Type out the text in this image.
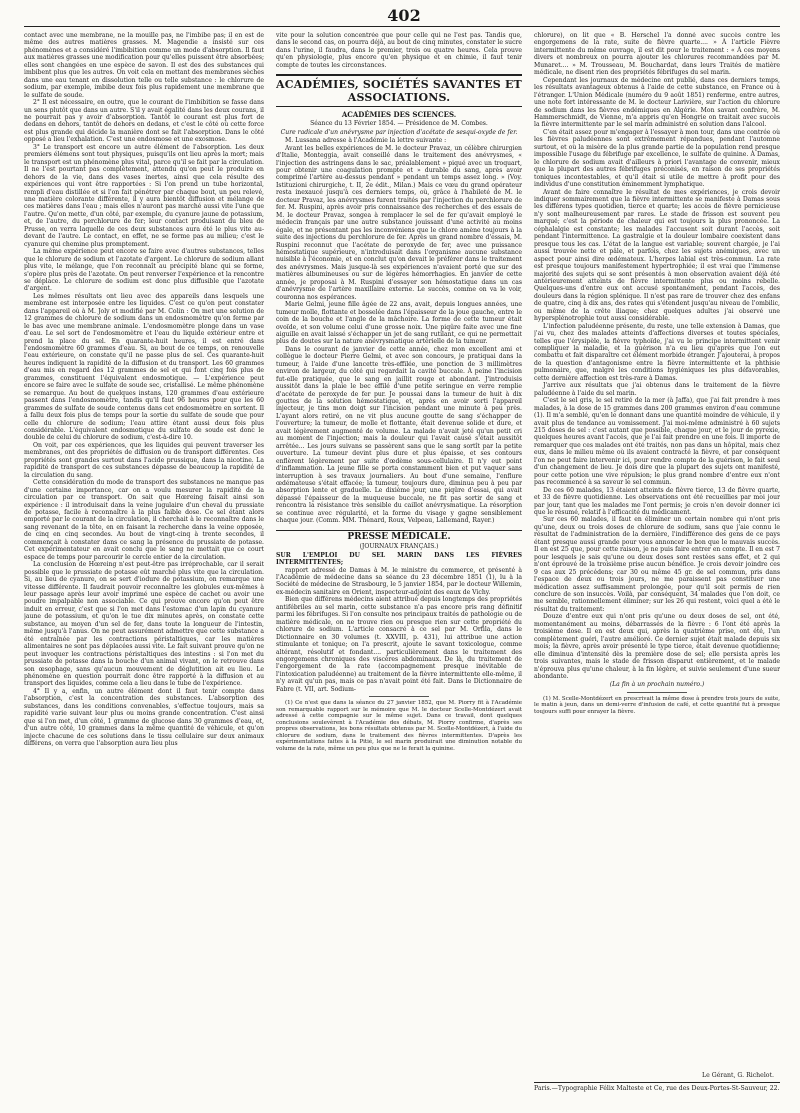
402

contact avec une membrane, ne la mouille pas, ne l'imbibe pas; il en est de même des autres matières grasses. M. Magendie a insisté sur ces phénomènes et a considéré l'imbibition comme un mode d'absorption. Il faut aux matières grasses une modification pour qu'elles puissent être absorbées; elles sont changées en une espèce de savon. Il est des des substances qui imbibent plus que les autres. On voit cela en mettant des membranes sèches dans une eau tenant en dissolution telle ou telle substance : le chlorure de sodium, par exemple, imbibe deux fois plus rapidement une membrane que le sulfate de soude.

2° Il est nécessaire, en outre, que le courant de l'imbibition se fasse dans un sens plutôt que dans un autre. S'il y avait égalité dans les deux courans, il ne pourrait pas y avoir d'absorption. Tantôt le courant est plus fort de dedans en dehors, tantôt de dehors en dedans, et c'est le côté où cette force est plus grande qui décide la manière dont se fait l'absorption. Dans le côté opposé a lieu l'exhalation. C'est une endosmose et une exosmose.

3° Le transport est encore un autre élément de l'absorption. Les deux premiers élémens sont tout physiques, puisqu'ils ont lieu après la mort; mais le transport est un phénomène plus vital, parce qu'il se fait par la circulation. Il ne l'est pourtant pas complètement, attendu qu'on peut le produire en dehors de la vie, dans des vases inertes, ainsi que cela résulte des expériences qui vont être rapportées : Si l'on prend un tube horizontal, rempli d'eau distillée et si l'on fait pénétrer par chaque bout, un peu relevé, une matière colorante différente, il y aura bientôt diffusion et mélange de ces matières dans l'eau ; mais elles n'auront pas marché aussi vite l'une que l'autre. Qu'on mette, d'un côté, par exemple, du cyanure jaune de potassium, et, de l'autre, du perchlorure de fer; leur contact produisant du bleu de Prusse, on verra laquelle de ces deux substances aura été le plus vite au-devant de l'autre. Le contact, en effet, ne se forme pas au milieu; c'est le cyanure qui chemine plus promptement.

La même expérience peut encore se faire avec d'autres substances, telles que le chlorure de sodium et l'azotate d'argent. Le chlorure de sodium allant plus vite, le mélange, que l'on reconnaît au précipité blanc qui se forme, s'opère plus près de l'azotate. On peut renverser l'expérience et la rencontre se déplace. Le chlorure de sodium est donc plus diffusible que l'azotate d'argent.

Les mêmes résultats ont lieu avec des appareils dans lesquels une membrane est interposée entre les liquides. C'est ce qu'on peut constater dans l'appareil où à M. Joly et modifié par M. Colin : On met une solution de 12 grammes de chlorure de sodium dans un endosmomètre qu'on ferme par le bas avec une membrane animale. L'endosmomètre plonge dans un vase d'eau. Le sel sort de l'endosmomètre et l'eau du liquide extérieur entre et prend la place du sel. En quarante-huit heures, il est entré dans l'endosmomètre 60 grammes d'eau. Si, au bout de ce temps, on renouvelle l'eau extérieure, on constate qu'il ne passe plus de sel. Ces quarante-huit heures indiquent la rapidité de la diffusion et du transport. Les 60 grammes d'eau mis en regard des 12 grammes de sel et qui font cinq fois plus de grammes, constituent l'équivalent endosmotique. — L'expérience peut encore se faire avec le sulfate de soude sec, cristallisé. Le même phénomène se remarque. Au bout de quelques instans, 120 grammes d'eau extérieure passent dans l'endosmomètre, tandis qu'il faut 96 heures pour que les 60 grammes de sulfate de soude contenus dans cet endosmomètre en sortent. Il a fallu deux fois plus de temps pour la sortie du sulfate de soude que pour celle du chlorure de sodium; l'eau attire étant aussi deux fois plus considérable. L'équivalent endosmotique du sulfate de soude est donc le double de celui du chlorure de sodium, c'est-à-dire 10.

On voit, par ces expériences, que les liquides qui peuvent traverser les membranes, ont des propriétés de diffusion ou de transport différentes. Ces propriétés sont grandes surtout dans l'acide prussique, dans la nicotine. La rapidité de transport de ces substances dépasse de beaucoup la rapidité de la circulation du sang.

Cette considération du mode de transport des substances ne manque pas d'une certaine importance, car on a voulu mesurer la rapidité de la circulation par ce transport. On sait que Hœreing faisait ainsi son expérience : il introduisait dans la veine jugulaire d'un cheval du prussiate de potasse, facile à reconnaître à la plus faible dose. Ce sel étant alors emporté par le courant de la circulation, il cherchait à le reconnaître dans le sang revenant de la tête, en en faisant la recherche dans la veine opposée, de cinq en cinq secondes. Au bout de vingt-cinq à trente secondes, il commençait à constater dans ce sang la présence du prussiate de potasse. Cet expérimentateur en avait conclu que le sang ne mettait que ce court espace de temps pour parcourir le cercle entier de la circulation.

La conclusion de Hœreing n'est peut-être pas irréprochable, car il serait possible que le prussiate de potasse eût marché plus vite que la circulation. Si, au lieu de cyanure, on se sert d'iodure de potassium, on remarque une vitesse différente. Il faudrait pouvoir reconnaître les globules eux-mêmes à leur passage après leur avoir imprimé une espèce de cachet ou avoir une poudre impalpable non associable. Ce qui prouve encore qu'on peut être induit en erreur, c'est que si l'on met dans l'estomac d'un lapin du cyanure jaune de potassium, et qu'on le tue dix minutes après, on constate cette substance, au moyen d'un sel de fer, dans toute la longueur de l'intestin, même jusqu'à l'anus. On ne peut assurément admettre que cette substance a été entraînée par les contractions péristaltiques, car les matières alimentaires ne sont pas déplacées aussi vite. Le fait suivant prouve qu'on ne peut invoquer les contractions péristaltiques des intestins : si l'on met du prussiate de potasse dans la bouche d'un animal vivant, on le retrouve dans son œsophage, sans qu'aucun mouvement de déglutition ait eu lieu. Le phénomène en question pourrait donc être rapporté à la diffusion et au transport des liquides, comme cela a lieu dans le tube de l'expérience.

4° Il y a, enfin, un autre élément dont il faut tenir compte dans l'absorption, c'est la concentration des substances. L'absorption des substances, dans les conditions convenables, s'effectue toujours, mais sa rapidité varie suivant leur plus ou moins grande concentration. C'est ainsi que si l'on met, d'un côté, 1 gramme de glucose dans 30 grammes d'eau, et, d'un autre côté, 10 grammes dans la même quantité de véhicule, et qu'on injecte chacune de ces solutions dans le tissu cellulaire sur deux animaux différens, on verra que l'absorption aura lieu plus

vite pour la solution concentrée que pour celle qui ne l'est pas. Tandis que, dans le second cas, on pourra déjà, au bout de cinq minutes, constater le sucre dans l'urine, il faudra, dans le premier, trois ou quatre heures. Cela prouve qu'en physiologie, plus encore qu'en physique et en chimie, il faut tenir compte de toutes les circonstances.

ACADÉMIES, SOCIÉTÉS SAVANTES ET ASSOCIATIONS.
ACADÉMIES DES SCIENCES.

Séance du 13 Février 1854. — Présidence de M. Combes.

Cure radicale d'un anévrysme par injection d'acétate de sesqui-oxyde de fer.

M. Lussana adresse à l'Académie la lettre suivante :

Avant les belles expériences de M. le docteur Pravaz, un célèbre chirurgien d'Italie, Monteggia, avait conseillé dans le traitement des anévrysmes, « l'injection des astringens dans le sac, préalablement » piqué avec un troquart, pour obtenir une coagulation prompte et » durable du sang, après avoir comprimé l'artère au-dessus pendant » pendant un temps assez long. » (Voy. Istituzioni chirurgiche, t. II, 2e édit., Milan.) Mais ce vœu du grand opérateur resta inexaucé jusqu'à ces derniers temps, où, grâce à l'habileté de M. le docteur Pravaz, les anévrysmes furent traités par l'injection du perchlorure de fer. M. Ruspini, après avoir pris connaissance des recherches et des essais de M. le docteur Pravaz, songea à remplacer le sel de fer qu'avait employé le médecin français par une autre substance jouissant d'une activité au moins égale, et ne présentant pas les inconvéniens que le chlore amène toujours à la suite des injections du perchlorure de fer. Après un grand nombre d'essais, M. Ruspini reconnut que l'acétate de peroxyde de fer, avec une puissance hémostatique supérieure, n'introduisait dans l'organisme aucune substance nuisible à l'économie, et en conclut qu'on devait le préférer dans le traitement des anévrysmes. Mais jusque-là ses expériences n'avaient porté que sur des matières albumineuses ou sur de légères hémorrhagies. En janvier de cette année, je proposai à M. Ruspini d'essayer son hémostatique dans un cas d'anévrysme de l'artère maxillaire externe. Le succès, comme on va le voir, couronna nos espérances.

Marie Gelmi, jeune fille âgée de 22 ans, avait, depuis longues années, une tumeur molle, flottante et bosselée dans l'épaisseur de la joue gauche, entre le coin de la bouche et l'angle de la mâchoire. La forme de cette tumeur était ovoïde, et son volume celui d'une grosse noix. Une piqûre faite avec une fine aiguille en avait laissé s'échapper un jet de sang rutilant, ce qui ne permettait plus de doutes sur la nature anévrysmatique artérielle de la tumeur.

Dans le courant de janvier de cette année, chez mon excellent ami et collègue le docteur Pierre Gelmi, et avec son concours, je pratiquai dans la tumeur, à l'aide d'une lancette très-effilée, une ponction de 3 millimètres environ de largeur, du côté qui regardait la cavité buccale. À peine l'incision fut-elle pratiquée, que le sang en jaillit rouge et abondant. J'introduisis aussitôt dans la plaie le bec effilé d'une petite seringue en verre remplie d'acétate de peroxyde de fer pur. Je poussai dans la tumeur de huit à dix gouttes de la solution hémostatique, et, après en avoir sorti l'appareil injecteur, je tins mon doigt sur l'incision pendant une minute à peu près. L'ayant alors retiré, on ne vit plus aucune goutte de sang s'échapper de l'ouverture; la tumeur, de molle et flottante, était devenue solide et dure, et avait légèrement augmenté de volume. La malade n'avait jeté qu'un petit cri au moment de l'injection; mais la douleur qui l'avait causé s'était aussitôt arrêtée... Les jours suivans se passèrent sans que le sang sortît par la petite ouverture. La tumeur devint plus dure et plus épaisse, et ses contours enflèrent légèrement par suite d'œdème sous-cellulaire. Il n'y eut point d'inflammation. La jeune fille se porta constamment bien et put vaquer sans interruption à ses travaux journaliers. Au bout d'une semaine, l'enflure œdémateuse s'était effacée; la tumeur, toujours dure, diminua peu à peu par absorption lente et graduelle. Le dixième jour, une piqûre d'essai, qui avait dépassé l'épaisseur de la muqueuse buccale, ne fit pas sortir de sang et rencontra la résistance très sensible du caillot anévrysmatique. La résorption se continue avec régularité, et la forme du visage y gagne sensiblement chaque jour. (Comm. MM. Thénard, Roux, Velpeau, Lallemand, Rayer.)

PRESSE MÉDICALE.

(JOURNAUX FRANÇAIS.)

SUR L'EMPLOI DU SEL MARIN DANS LES FIÈVRES INTERMITTENTES;

rapport adressé de Damas à M. le ministre du commerce, et présenté à l'Académie de médecine dans sa séance du 23 décembre 1851 (1), lu à la Société de médecine de Strasbourg, le 5 janvier 1854, par le docteur Willemin, ex-médecin sanitaire en Orient, inspecteur-adjoint des eaux de Vichy.

Bien que différens médecins aient attribué depuis longtemps des propriétés antifébriles au sel marin, cette substance n'a pas encore pris rang définitif parmi les fébrifuges. Si l'on consulte nos principaux traités de pathologie ou de matière médicale, on ne trouve rien ou presque rien sur cette propriété du chlorure de sodium. L'article consacré à ce sel par M. Orfila, dans le Dictionnaire en 30 volumes (t. XXVIII, p. 431), lui attribue une action stimulante et tonique; on l'a prescrit, ajoute le savant toxicologue, comme altérant, résolutif et fondant.... particulièrement dans le traitement des engorgemens chroniques des viscères abdominaux. De là, du traitement de l'engorgement de la rate (accompagnement presque inévitable de l'intoxication paludéenne) au traitement de la fièvre intermittente elle-même, il n'y avait qu'un pas, mais ce pas n'avait point été fait. Dans le Dictionnaire de Fabre (t. VII, art. Sodium-

(1) Ce n'est que dans la séance du 27 janvier 1852, que M. Piorry fit à l'Académie son remarquable rapport sur le mémoire que M. le docteur Scelle-Montdézert avait adressé à cette compagnie sur le même sujet. Dans ce travail, dont quelques conclusions soulevèrent à l'Académie des débats, M. Piorry confirme, d'après ses propres observations, les bons résultats obtenus par M. Scelle-Montdézert, à l'aide du chlorure de sodium, dans le traitement des fièvres intermittentes. D'après les expérimentations faites à la Pitié, le sel marin produirait une diminution notable du volume de la rate, même un peu plus que ne le ferait la quinine.

chlorure), on lit que « B. Herschel l'a donné avec succès contre les engorgemens de la rate, suite de fièvre quarte.... » À l'article Fièvre intermittente du même ouvrage, il est dit pour le traitement : « À ces moyens divers et nombreux on pourra ajouter les chlorures recommandées par M. Munaret.... » M. Trousseau, M. Bouchardat, dans leurs Traités de matière médicale, ne disent rien des propriétés fébrifuges du sel marin.

Cependant les journaux de médecine ont publié, dans ces derniers temps, les résultats avantageux obtenus à l'aide de cette substance, en France ou à l'étranger. L'Union Médicale (numéro du 9 août 1851) renferme, entre autres, une note fort intéressante de M. le docteur Larivière, sur l'action du chlorure de sodium dans les fièvres endémiques en Algérie. Mon savant confrère, M. Hammerschmidt, de Vienne, m'a appris qu'en Hongrie on traitait avec succès la fièvre intermittente par le sel marin administré en solution dans l'alcool.

C'en était assez pour m'engager à l'essayer à mon tour, dans une contrée où les fièvres paludéennes sont extrêmement répandues, pendant l'automne surtout, et où la misère de la plus grande partie de la population rend presque impossible l'usage du fébrifuge par excellence, le sulfate de quinine. À Damas, le chlorure de sodium avait d'ailleurs à priori l'avantage de convenir, mieux que la plupart des autres fébrifuges préconisés, en raison de ses propriétés toniques incontestables, et qu'il était si utile de mettre à profit pour des individus d'une constitution éminemment lymphatique.

Avant de faire connaître le résultat de mes expériences, je crois devoir indiquer sommairement que la fièvre intermittente se manifeste à Damas sous les différens types quotidien, tierce et quarte; les accès de fièvre pernicieuse n'y sont malheureusement par rares. Le stade de frisson est souvent peu marqué; c'est la période de chaleur qui est toujours la plus prononcée. La céphalalgie est constante; les malades l'accusent soit durant l'accès, soit pendant l'intermittence. La gastralgie et la douleur lombaire coexistent dans presque tous les cas. L'état de la langue est variable; souvent chargée, je l'ai aussi trouvée nette et pâle, et parfois, chez les sujets anémiques, avec un aspect pour ainsi dire œdémateux. L'herpes labial est très-commun. La rate est presque toujours manifestement hypertrophiée; il est vrai que l'immense majorité des sujets qui se sont présentés à mon observation avaient déjà été antérieurement atteints de fièvre intermittente plus ou moins rebelle. Quelques-uns d'entre eux ont accusé spontanément, pendant l'accès, des douleurs dans la région splénique. Il n'est pas rare de trouver chez des enfans de quatre, cinq à dix ans, des rates qui s'étendent jusqu'au niveau de l'ombilic, ou même de la crête iliaque; chez quelques adultes j'ai observé une hypersplénotrophie tout aussi considérable.

L'infection paludéenne présente, du reste, une telle extension à Damas, que j'ai vu, chez des malades atteints d'affections diverses et toutes spéciales, telles que l'érysipèle, la fièvre typhoïde, j'ai vu le principe intermittent venir compliquer la maladie, et la guérison n'a eu lieu qu'après que l'on eut combattu et fait disparaître cet élément morbide étranger. J'ajouterai, à propos de la question d'antagonisme entre la fièvre intermittente et la phthisie pulmonaire, que, malgré les conditions hygiéniques les plus défavorables, cette dernière affection est très-rare à Damas.

J'arrive aux résultats que j'ai obtenus dans le traitement de la fièvre paludéenne à l'aide du sel marin.

C'est le sel gris, le sel retiré de la mer (à Jaffa), que j'ai fait prendre à mes malades, à la dose de 15 grammes dans 200 grammes environ d'eau commune (1). Il m'a semblé, qu'en le donnant dans une quantité moindre de véhicule, il y avait plus de tendance au vomissement. J'ai moi-même administré à 60 sujets 215 doses de sel : c'est autant que possible, chaque jour, et le jour de pyrexie, quelques heures avant l'accès, que je l'ai fait prendre en une fois. Il importe de remarquer que ces malades ont été traités, non pas dans un hôpital, mais chez eux, dans le milieu même où ils avaient contracté la fièvre, et par conséquent l'on ne peut faire intervenir ici, pour rendre compte de la guérison, le fait seul d'un changement de lieu. Je dois dire que la plupart des sujets ont manifesté, pour cette potion une vive répulsion; le plus grand nombre d'entre eux n'ont pas recommencé à sa saveur le sel commun.

De ces 60 malades, 13 étaient atteints de fièvre tierce, 13 de fièvre quarte, et 33 de fièvre quotidienne. Les observations ont été recueillies par moi jour par jour, tant que les malades me l'ont permis; je crois n'en devoir donner ici que le résumé, relatif à l'efficacité du médicament.

Sur ces 60 malades, il faut en éliminer un certain nombre qui n'ont pris qu'une, deux ou trois doses de chlorure de sodium, sans que j'aie connu le résultat de l'administration de la dernière, l'indifférence des gens de ce pays étant presque aussi grande pour vous annoncer le bon que le mauvais succès. Il en est 25 que, pour cette raison, je ne puis faire entrer en compte. Il en est 7 pour lesquels je sais qu'une ou deux doses sont restées sans effet, et 2 qui n'ont éprouvé de la troisième prise aucun bénéfice. Je crois devoir joindre ces 9 cas aux 25 précédens; car 30 ou même 45 gr. de sel commun, pris dans l'espace de deux ou trois jours, ne me paraissent pas constituer une médication assez suffisamment prolongée, pour qu'il soit permis de rien conclure de son insuccès. Voilà, par conséquent, 34 malades que l'on doit, ce me semble, rationnellement éliminer; sur les 26 qui restent, voici quel a été le résultat du traitement:

Douze d'entre eux qui n'ont pris qu'une ou deux doses de sel, ont été, momentanément au moins, débarrassés de la fièvre : 6 l'ont été après la troisième dose. Il en est deux qui, après la quatrième prise, ont été, l'un complètement guéri, l'autre amélioré. Ce dernier sujet était malade depuis six mois; la fièvre, après avoir présenté le type tierce, était devenue quotidienne; elle diminua d'intensité dès la première dose de sel; elle persista après les trois suivantes, mais le stade de frisson disparut entièrement, et le malade n'éprouva plus qu'une chaleur, à la fin légère, et suivie seulement d'une sueur abondante.

(La fin à un prochain numéro.)

(1) M. Scelle-Montdézert en prescrivait la même dose à prendre trois jours de suite, le matin à jeun, dans un demi-verre d'infusion de café, et cette quantité fut à presque toujours suffi pour enrayer la fièvre.

Le Gérant, G. Richelot.
Paris.—Typographie Félix Malteste et Ce, rue des Deux-Portes-St-Sauveur, 22.
